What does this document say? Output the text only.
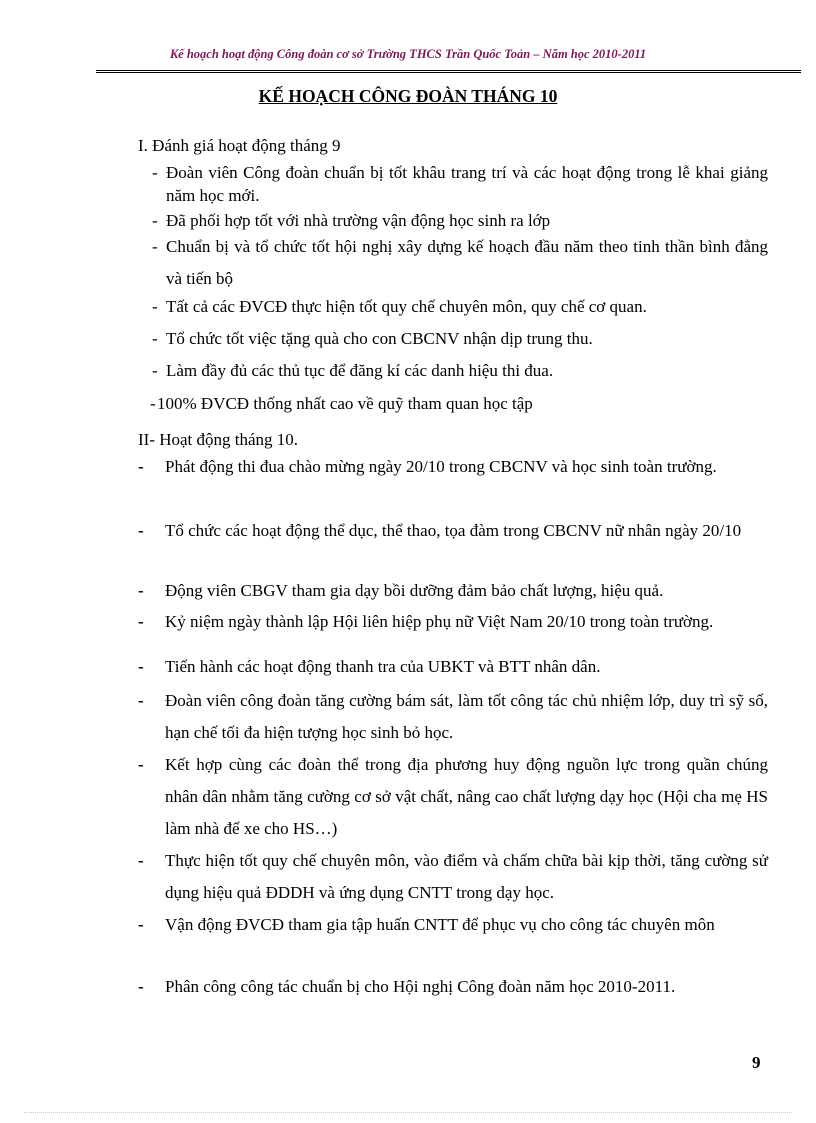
Kế hoạch hoạt động Công đoàn cơ sở Trường THCS Trần Quốc Toản – Năm học 2010-2011
KẾ HOẠCH CÔNG ĐOÀN THÁNG 10
I. Đánh giá hoạt động tháng 9
- Đoàn viên Công đoàn chuẩn bị tốt khâu trang trí và các hoạt động trong lễ khai giảng năm học mới.
- Đã phối hợp tốt với nhà trường vận động học sinh ra lớp
- Chuẩn bị và tổ chức tốt hội nghị xây dựng kế hoạch đầu năm theo tinh thần bình đẳng và tiến bộ
- Tất cả các ĐVCĐ thực hiện tốt quy chế chuyên môn, quy chế cơ quan.
- Tổ chức tốt việc tặng quà cho con CBCNV nhận dịp trung thu.
- Làm đầy đủ các thủ tục để đăng kí các danh hiệu thi đua.
- 100% ĐVCĐ thống nhất cao về quỹ tham quan học tập
II- Hoạt động tháng 10.
- Phát động thi đua chào mừng ngày 20/10 trong CBCNV và học sinh toàn trường.
- Tổ chức các hoạt động thể dục, thể thao, tọa đàm trong CBCNV nữ nhân ngày 20/10
- Động viên CBGV tham gia dạy bồi dưỡng đảm bảo chất lượng, hiệu quả.
- Kỷ niệm ngày thành lập Hội liên hiệp phụ nữ Việt Nam 20/10 trong toàn trường.
- Tiến hành các hoạt động thanh tra của UBKT và BTT nhân dân.
- Đoàn viên công đoàn tăng cường bám sát, làm tốt công tác chủ nhiệm lớp, duy trì sỹ số, hạn chế tối đa hiện tượng học sinh bỏ học.
- Kết hợp cùng các đoàn thể trong địa phương huy động nguồn lực trong quần chúng nhân dân nhằm tăng cường cơ sở vật chất, nâng cao chất lượng dạy học (Hội cha mẹ HS làm nhà để xe cho HS…)
- Thực hiện tốt quy chế chuyên môn, vào điểm và chấm chữa bài kịp thời, tăng cường sử dụng hiệu quả ĐDDH và ứng dụng CNTT trong dạy học.
- Vận động ĐVCĐ tham gia tập huấn CNTT để phục vụ cho công tác chuyên môn
- Phân công công tác chuẩn bị cho Hội nghị Công đoàn năm học 2010-2011.
9
